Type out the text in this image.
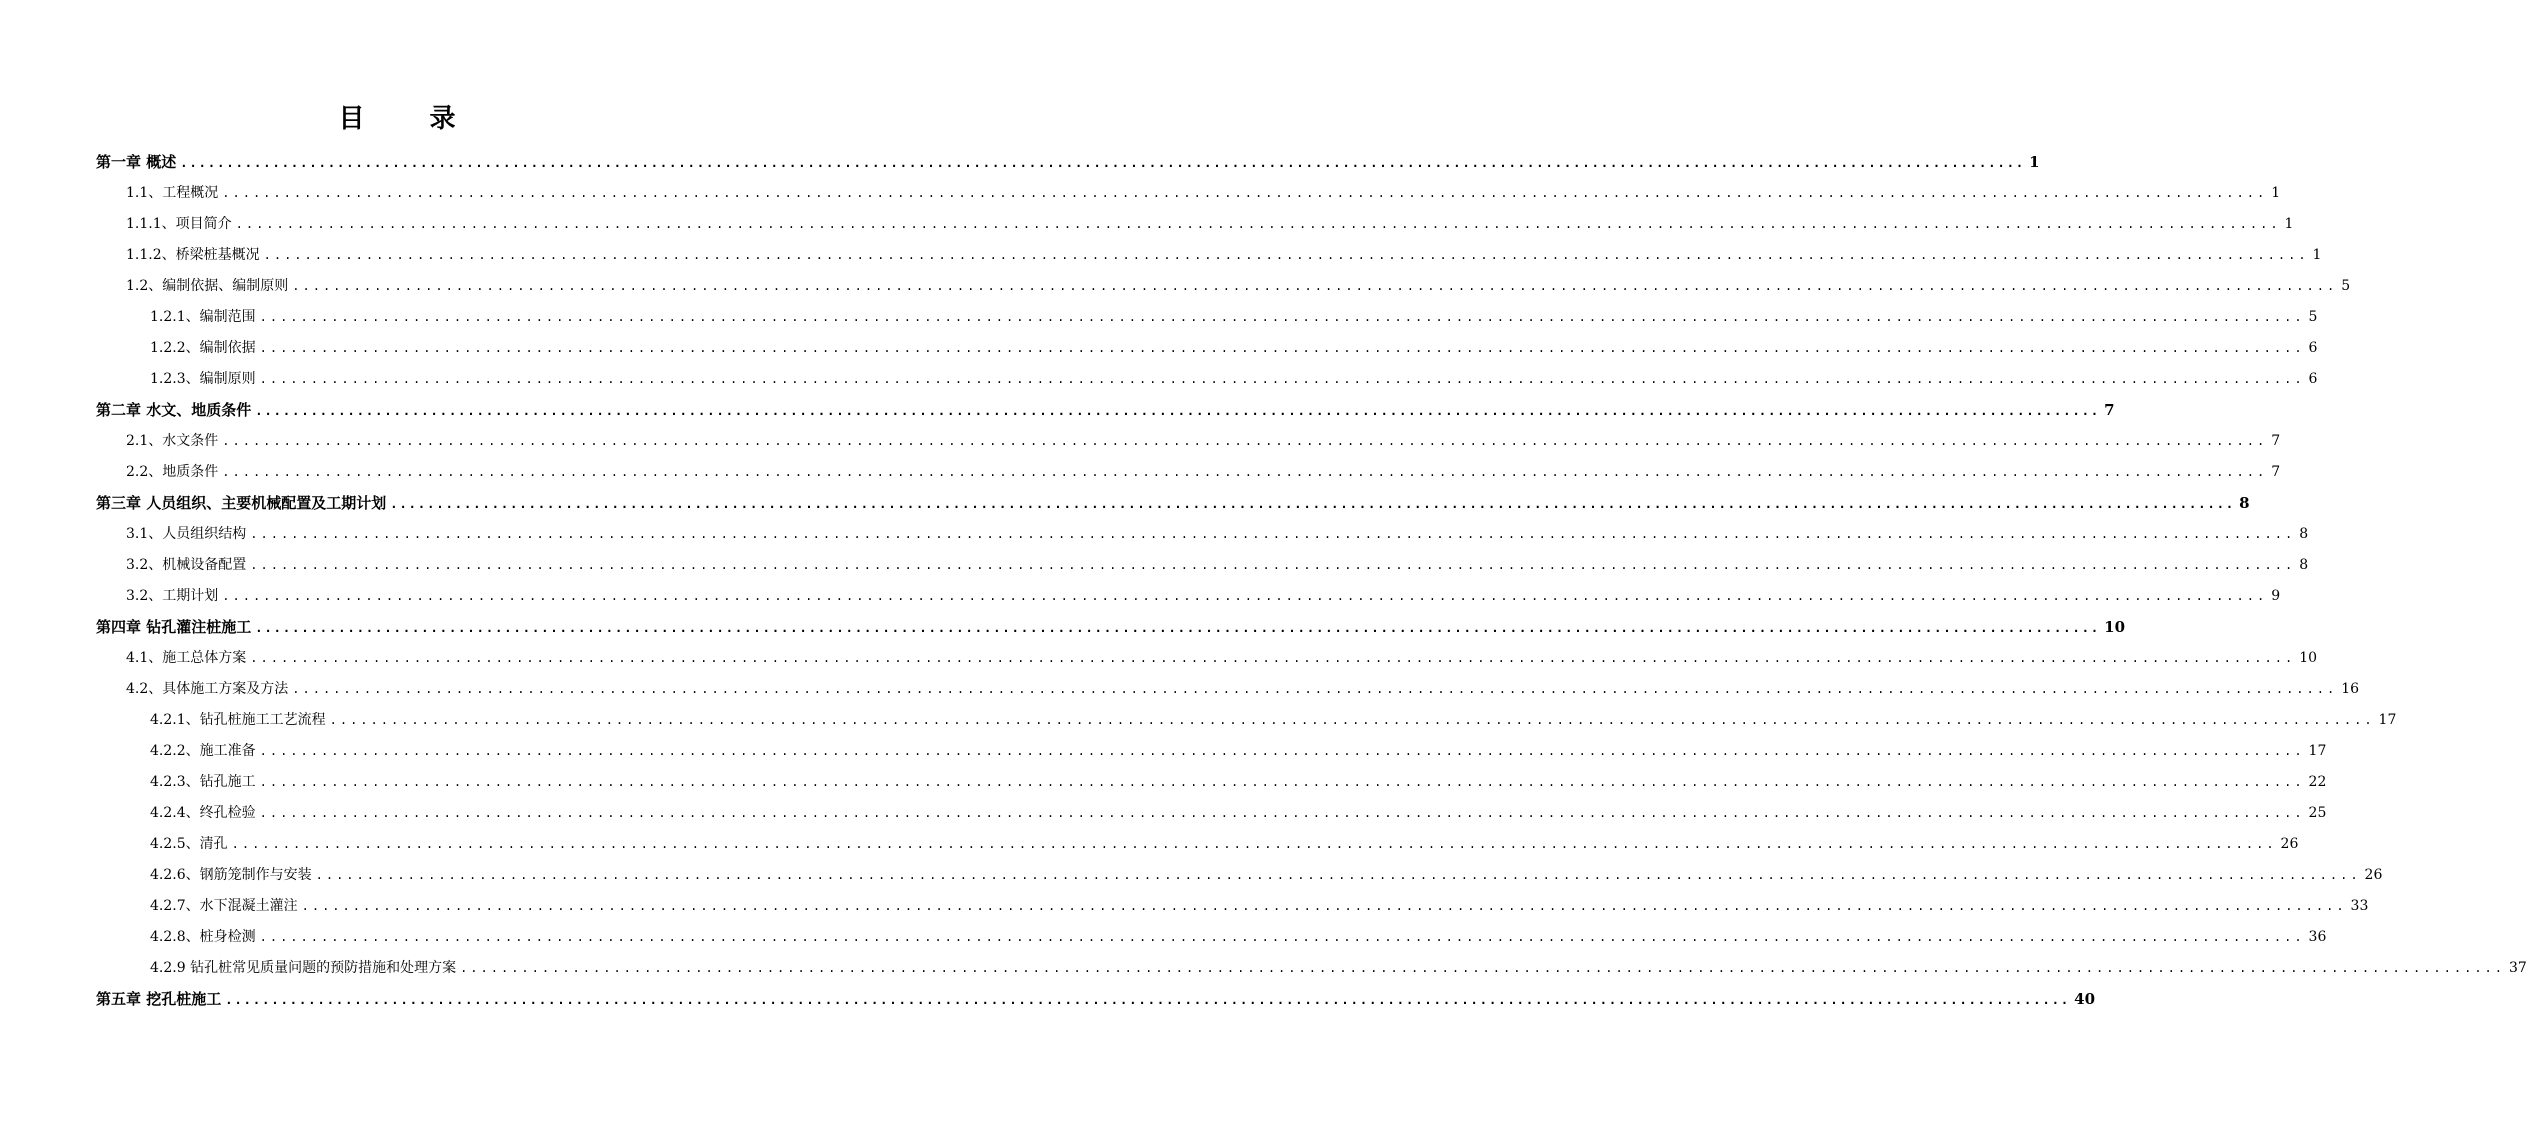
目 录
第一章 概述 ........................................................................................................................................................................................................ 1
1.1、工程概况 ........................................................................................................................................................................................................ 1
1.1.1、项目简介 ........................................................................................................................................................................................................ 1
1.1.2、桥梁桩基概况 ........................................................................................................................................................................................................ 1
1.2、编制依据、编制原则 ........................................................................................................................................................................................................ 5
1.2.1、编制范围 ........................................................................................................................................................................................................ 5
1.2.2、编制依据 ........................................................................................................................................................................................................ 6
1.2.3、编制原则 ........................................................................................................................................................................................................ 6
第二章 水文、地质条件 ........................................................................................................................................................................................................ 7
2.1、水文条件 ........................................................................................................................................................................................................ 7
2.2、地质条件 ........................................................................................................................................................................................................ 7
第三章 人员组织、主要机械配置及工期计划 ........................................................................................................................................................................................................ 8
3.1、人员组织结构 ........................................................................................................................................................................................................ 8
3.2、机械设备配置 ........................................................................................................................................................................................................ 8
3.2、工期计划 ........................................................................................................................................................................................................ 9
第四章 钻孔灌注桩施工 ........................................................................................................................................................................................................ 10
4.1、施工总体方案 ........................................................................................................................................................................................................ 10
4.2、具体施工方案及方法 ........................................................................................................................................................................................................ 16
4.2.1、钻孔桩施工工艺流程 ........................................................................................................................................................................................................ 17
4.2.2、施工准备 ........................................................................................................................................................................................................ 17
4.2.3、钻孔施工 ........................................................................................................................................................................................................ 22
4.2.4、终孔检验 ........................................................................................................................................................................................................ 25
4.2.5、清孔 ........................................................................................................................................................................................................ 26
4.2.6、钢筋笼制作与安装 ........................................................................................................................................................................................................ 26
4.2.7、水下混凝土灌注 ........................................................................................................................................................................................................ 33
4.2.8、桩身检测 ........................................................................................................................................................................................................ 36
4.2.9 钻孔桩常见质量问题的预防措施和处理方案 ........................................................................................................................................................................................................ 37
第五章 挖孔桩施工 ........................................................................................................................................................................................................ 40
